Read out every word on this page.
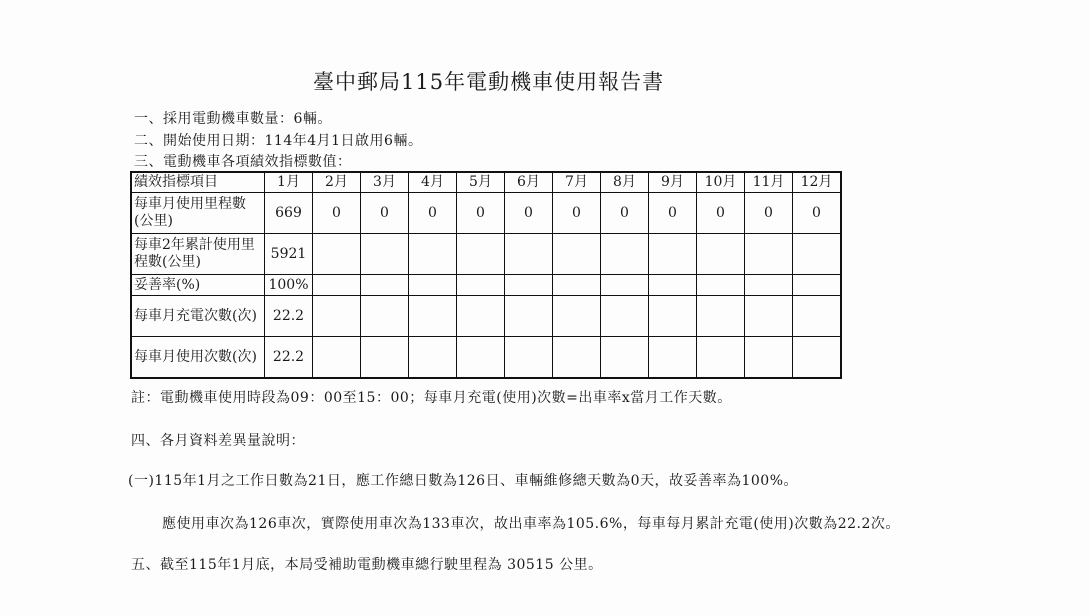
臺中郵局115年電動機車使用報告書
一、採用電動機車數量：6輛。
二、開始使用日期：114年4月1日啟用6輛。
三、電動機車各項績效指標數值：
績效指標項目	1月	2月	3月	4月	5月	6月	7月	8月	9月	10月	11月	12月
每車月使用里程數(公里)	669	0	0	0	0	0	0	0	0	0	0	0
每車2年累計使用里程數(公里)	5921											
妥善率(%)	100%											
每車月充電次數(次)	22.2											
每車月使用次數(次)	22.2											
註：電動機車使用時段為09：00至15：00；每車月充電(使用)次數=出車率x當月工作天數。
四、各月資料差異量說明：
(一)115年1月之工作日數為21日，應工作總日數為126日、車輛維修總天數為0天，故妥善率為100%。
應使用車次為126車次，實際使用車次為133車次，故出車率為105.6%，每車每月累計充電(使用)次數為22.2次。
五、截至115年1月底，本局受補助電動機車總行駛里程為 30515 公里。
